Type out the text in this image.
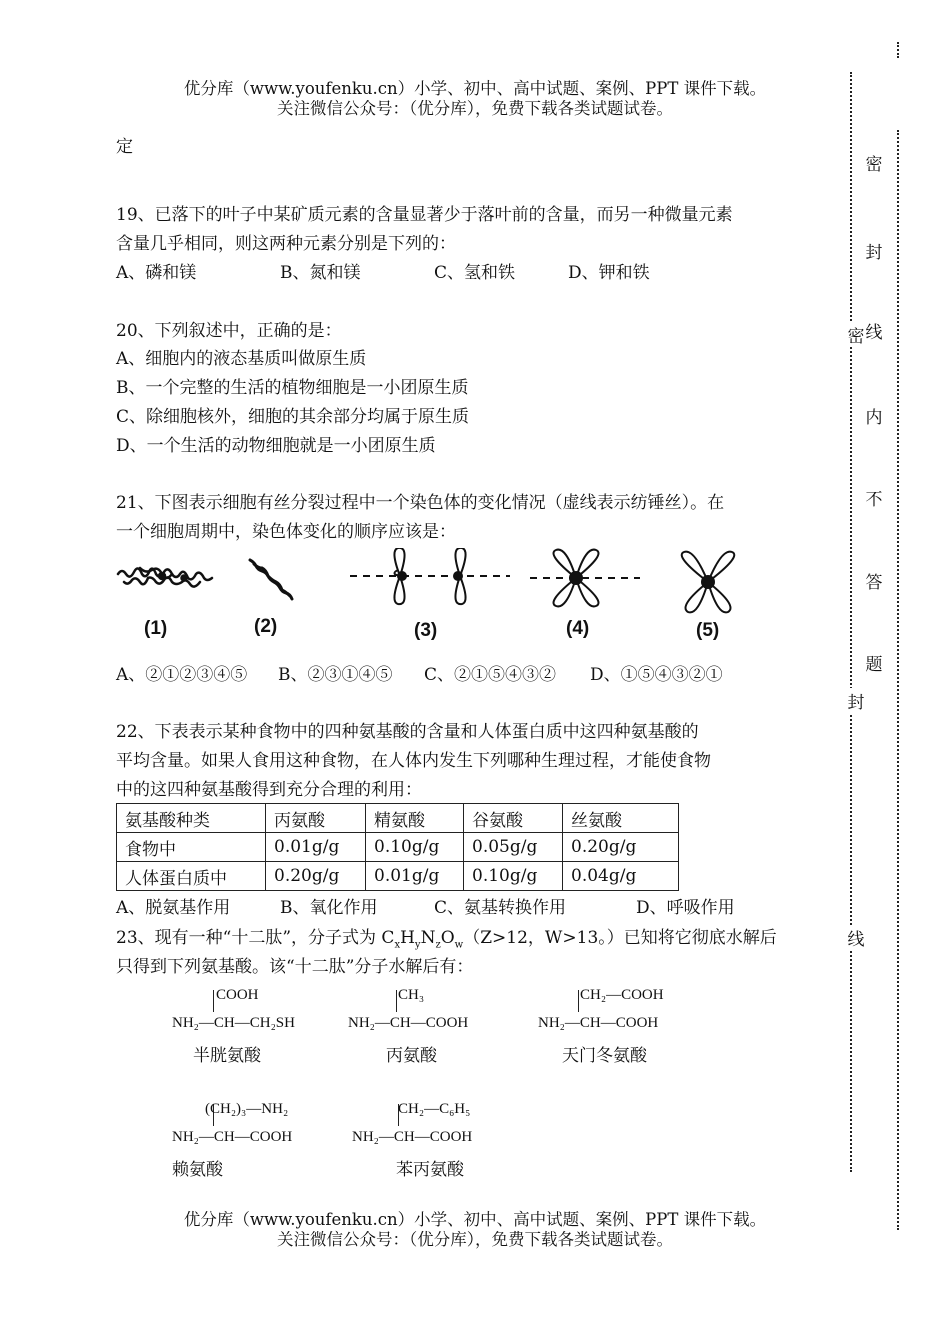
优分库（www.youfenku.cn）小学、初中、高中试题、案例、PPT 课件下载。
关注微信公众号：（优分库），免费下载各类试题试卷。
定
19、已落下的叶子中某矿质元素的含量显著少于落叶前的含量，而另一种微量元素
含量几乎相同，则这两种元素分别是下列的：
A、磷和镁	B、氮和镁	C、氢和铁	D、钾和铁
20、下列叙述中，正确的是：
A、细胞内的液态基质叫做原生质
B、一个完整的生活的植物细胞是一小团原生质
C、除细胞核外，细胞的其余部分均属于原生质
D、一个生活的动物细胞就是一小团原生质
21、下图表示细胞有丝分裂过程中一个染色体的变化情况（虚线表示纺锤丝）。在
一个细胞周期中，染色体变化的顺序应该是：
(1)	(2)	(3)	(4)	(5)
A、②①②③④⑤ B、②③①④⑤ C、②①⑤④③② D、①⑤④③②①
22、下表表示某种食物中的四种氨基酸的含量和人体蛋白质中这四种氨基酸的
平均含量。如果人食用这种食物，在人体内发生下列哪种生理过程，才能使食物
中的这四种氨基酸得到充分合理的利用：
氨基酸种类	丙氨酸	精氨酸	谷氨酸	丝氨酸
食物中	0.01g/g	0.10g/g	0.05g/g	0.20g/g
人体蛋白质中	0.20g/g	0.01g/g	0.10g/g	0.04g/g
A、脱氨基作用	B、氧化作用	C、氨基转换作用	D、呼吸作用
23、现有一种“十二肽”，分子式为 $C_xH_yN_zO_w(Z>12$，W>13。）已知将它彻底水解后
只得到下列氨基酸。该“十二肽”分子水解后有：
COOH
NH₂—CH—CH₂SH
半胱氨酸
CH₃
NH₂—CH—COOH
丙氨酸
CH₂—COOH
NH₂—CH—COOH
天门冬氨酸
(CH₂)₃—NH₂
NH₂—CH—COOH
赖氨酸
CH₂—C₆H₅
NH₂—CH—COOH
苯丙氨酸
优分库（www.youfenku.cn）小学、初中、高中试题、案例、PPT 课件下载。
关注微信公众号：（优分库），免费下载各类试题试卷。
密
封
线
密
内
不
答
题
封
线
